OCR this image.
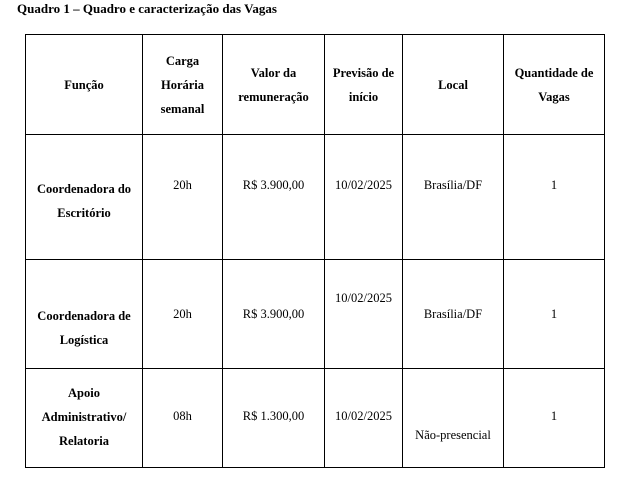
Quadro 1 – Quadro e caracterização das Vagas
Função	Carga Horária semanal	Valor da remuneração	Previsão de início	Local	Quantidade de Vagas
Coordenadora do Escritório	20h	R$ 3.900,00	10/02/2025	Brasília/DF	1
Coordenadora de Logística	20h	R$ 3.900,00	10/02/2025	Brasília/DF	1
Apoio Administrativo/ Relatoria	08h	R$ 1.300,00	10/02/2025	Não-presencial	1
